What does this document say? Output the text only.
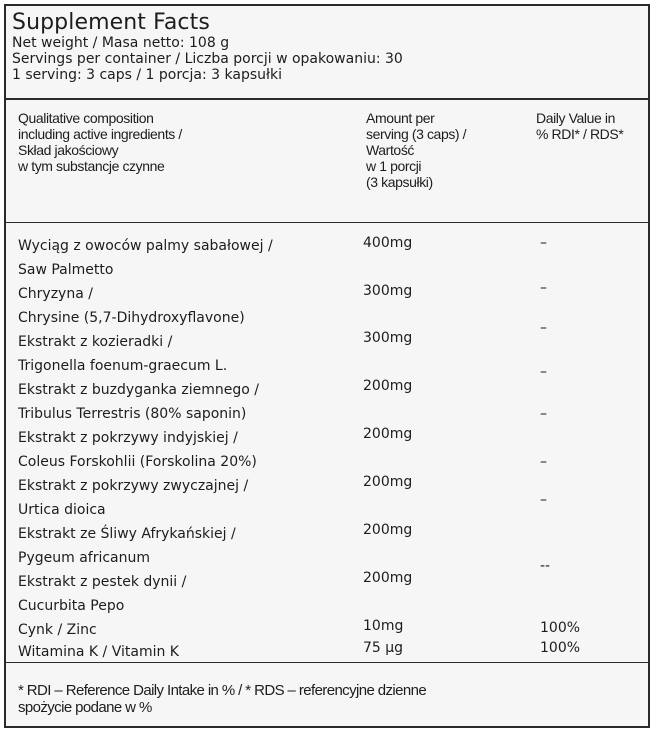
Supplement Facts
Net weight / Masa netto: 108 g
Servings per container / Liczba porcji w opakowaniu: 30
1 serving: 3 caps / 1 porcja: 3 kapsułki
Qualitative composition
including active ingredients /
Skład jakościowy
w tym substancje czynne
Amount per
serving (3 caps) /
Wartość
w 1 porcji
(3 kapsułki)
Daily Value in
% RDI* / RDS*
Wyciąg z owoców palmy sabałowej /
Saw Palmetto
Chryzyna /
Chrysine (5,7-Dihydroxyflavone)
Ekstrakt z kozieradki /
Trigonella foenum-graecum L.
Ekstrakt z buzdyganka ziemnego /
Tribulus Terrestris (80% saponin)
Ekstrakt z pokrzywy indyjskiej /
Coleus Forskohlii (Forskolina 20%)
Ekstrakt z pokrzywy zwyczajnej /
Urtica dioica
Ekstrakt ze Śliwy Afrykańskiej /
Pygeum africanum
Ekstrakt z pestek dynii /
Cucurbita Pepo
Cynk / Zinc
Witamina K / Vitamin K
400mg
300mg
300mg
200mg
200mg
200mg
200mg
200mg
10mg
75 µg
–
–
–
–
–
–
–
--
100%
100%
* RDI – Reference Daily Intake in % / * RDS – referencyjne dzienne
spożycie podane w %
